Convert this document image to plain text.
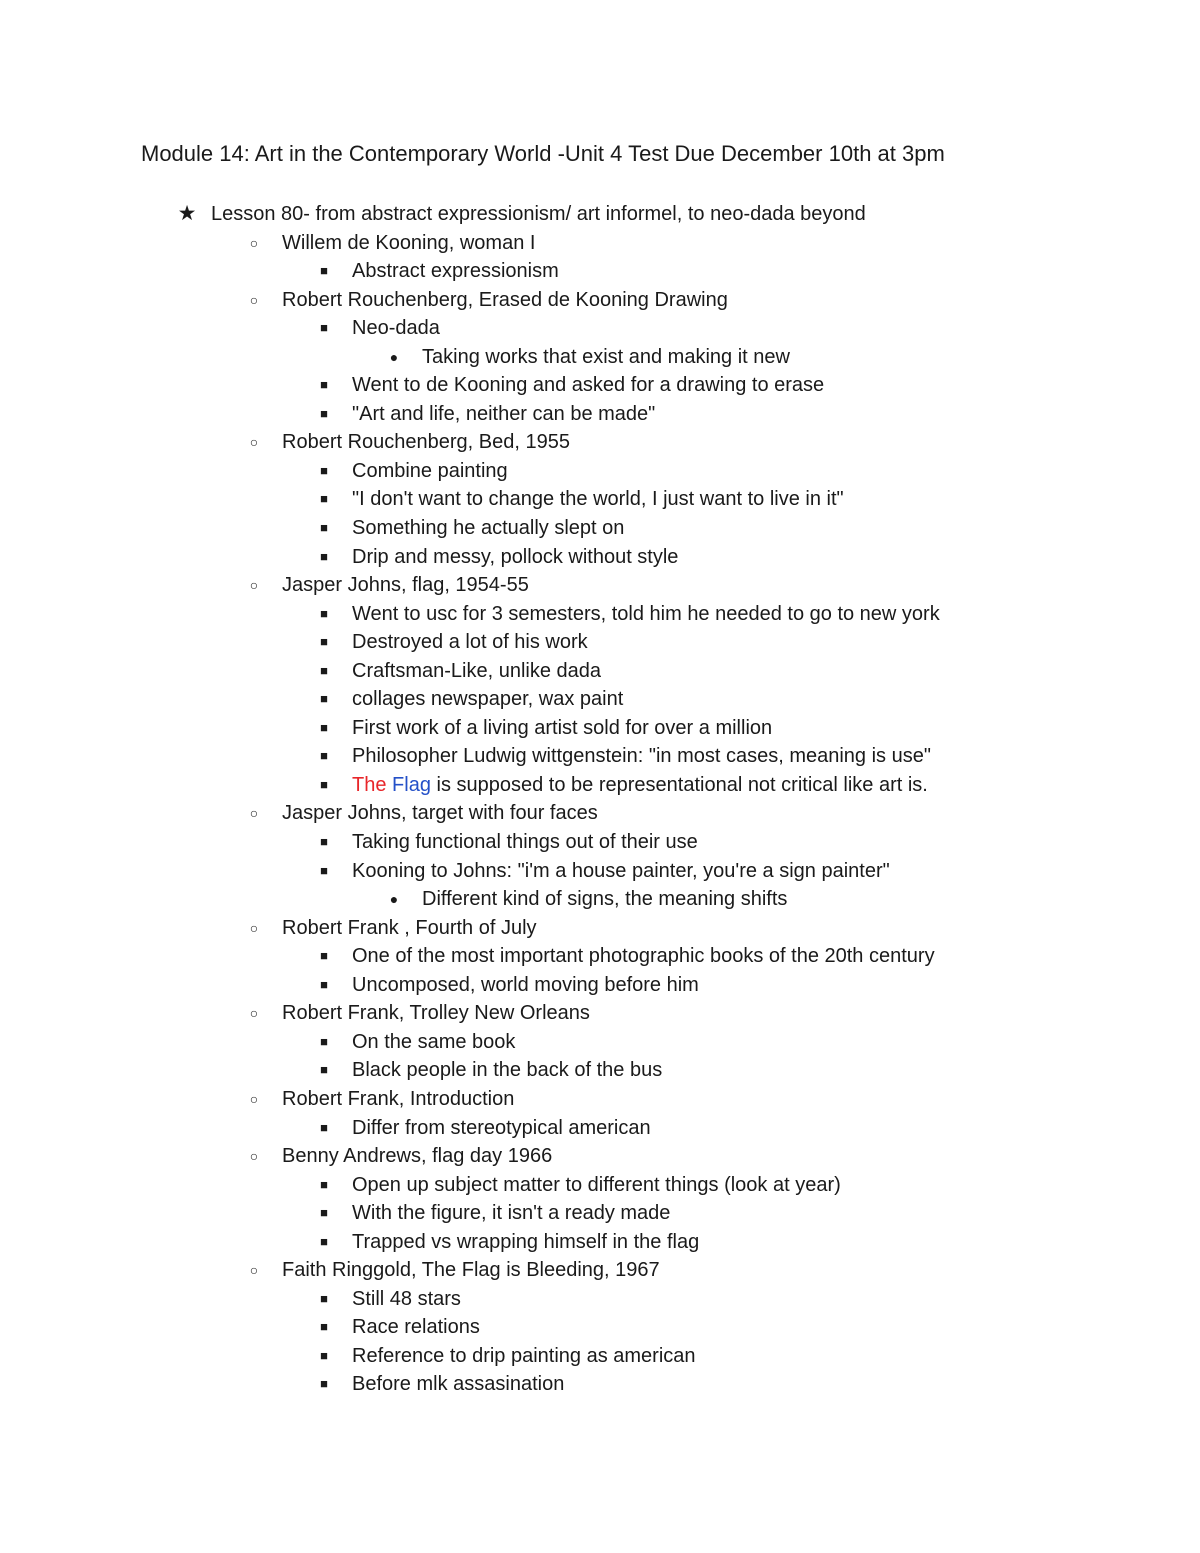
Module 14: Art in the Contemporary World -Unit 4 Test Due December 10th at 3pm
★ Lesson 80- from abstract expressionism/ art informel, to neo-dada beyond
○ Willem de Kooning, woman I
■ Abstract expressionism
○ Robert Rouchenberg, Erased de Kooning Drawing
■ Neo-dada
● Taking works that exist and making it new
■ Went to de Kooning and asked for a drawing to erase
■ "Art and life, neither can be made"
○ Robert Rouchenberg, Bed, 1955
■ Combine painting
■ "I don't want to change the world, I just want to live in it"
■ Something he actually slept on
■ Drip and messy, pollock without style
○ Jasper Johns, flag, 1954-55
■ Went to usc for 3 semesters, told him he needed to go to new york
■ Destroyed a lot of his work
■ Craftsman-Like, unlike dada
■ collages newspaper, wax paint
■ First work of a living artist sold for over a million
■ Philosopher Ludwig wittgenstein: "in most cases, meaning is use"
■ The Flag is supposed to be representational not critical like art is.
○ Jasper Johns, target with four faces
■ Taking functional things out of their use
■ Kooning to Johns: "i'm a house painter, you're a sign painter"
● Different kind of signs, the meaning shifts
○ Robert Frank , Fourth of July
■ One of the most important photographic books of the 20th century
■ Uncomposed, world moving before him
○ Robert Frank, Trolley New Orleans
■ On the same book
■ Black people in the back of the bus
○ Robert Frank, Introduction
■ Differ from stereotypical american
○ Benny Andrews, flag day 1966
■ Open up subject matter to different things (look at year)
■ With the figure, it isn't a ready made
■ Trapped vs wrapping himself in the flag
○ Faith Ringgold, The Flag is Bleeding, 1967
■ Still 48 stars
■ Race relations
■ Reference to drip painting as american
■ Before mlk assasination
